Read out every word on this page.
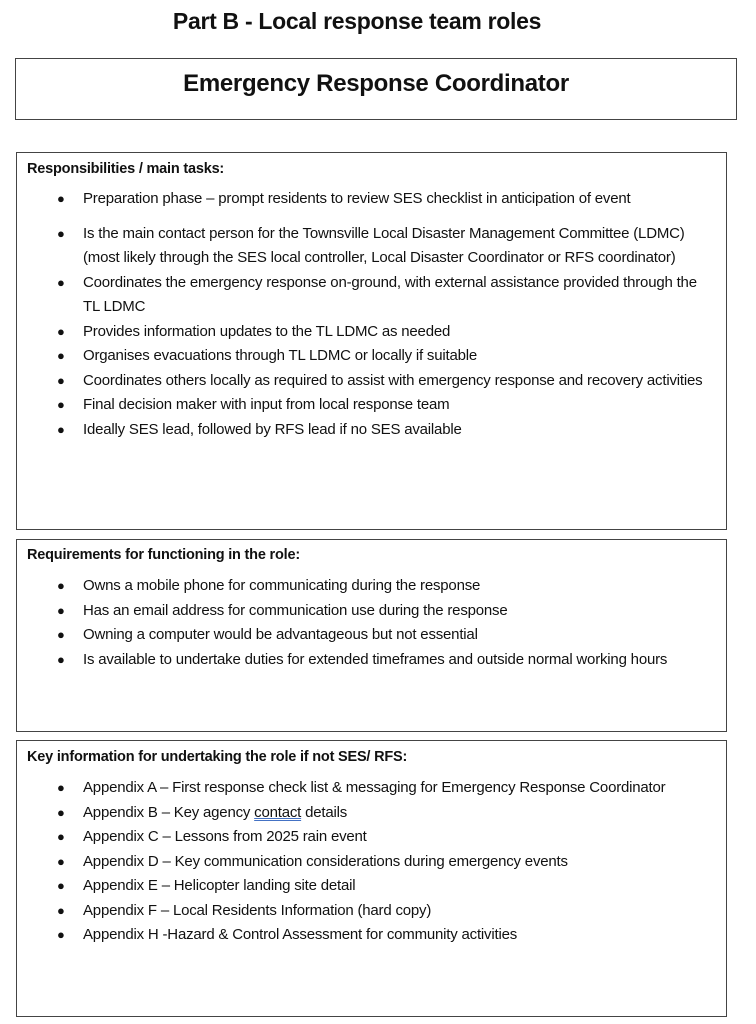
Part B - Local response team roles
Emergency Response Coordinator
Responsibilities / main tasks:
● Preparation phase – prompt residents to review SES checklist in anticipation of event
● Is the main contact person for the Townsville Local Disaster Management Committee (LDMC) (most likely through the SES local controller, Local Disaster Coordinator or RFS coordinator)
● Coordinates the emergency response on-ground, with external assistance provided through the TL LDMC
● Provides information updates to the TL LDMC as needed
● Organises evacuations through TL LDMC or locally if suitable
● Coordinates others locally as required to assist with emergency response and recovery activities
● Final decision maker with input from local response team
● Ideally SES lead, followed by RFS lead if no SES available
Requirements for functioning in the role:
● Owns a mobile phone for communicating during the response
● Has an email address for communication use during the response
● Owning a computer would be advantageous but not essential
● Is available to undertake duties for extended timeframes and outside normal working hours
Key information for undertaking the role if not SES/ RFS:
● Appendix A – First response check list & messaging for Emergency Response Coordinator
● Appendix B – Key agency contact details
● Appendix C – Lessons from 2025 rain event
● Appendix D – Key communication considerations during emergency events
● Appendix E – Helicopter landing site detail
● Appendix F – Local Residents Information (hard copy)
● Appendix H -Hazard & Control Assessment for community activities
